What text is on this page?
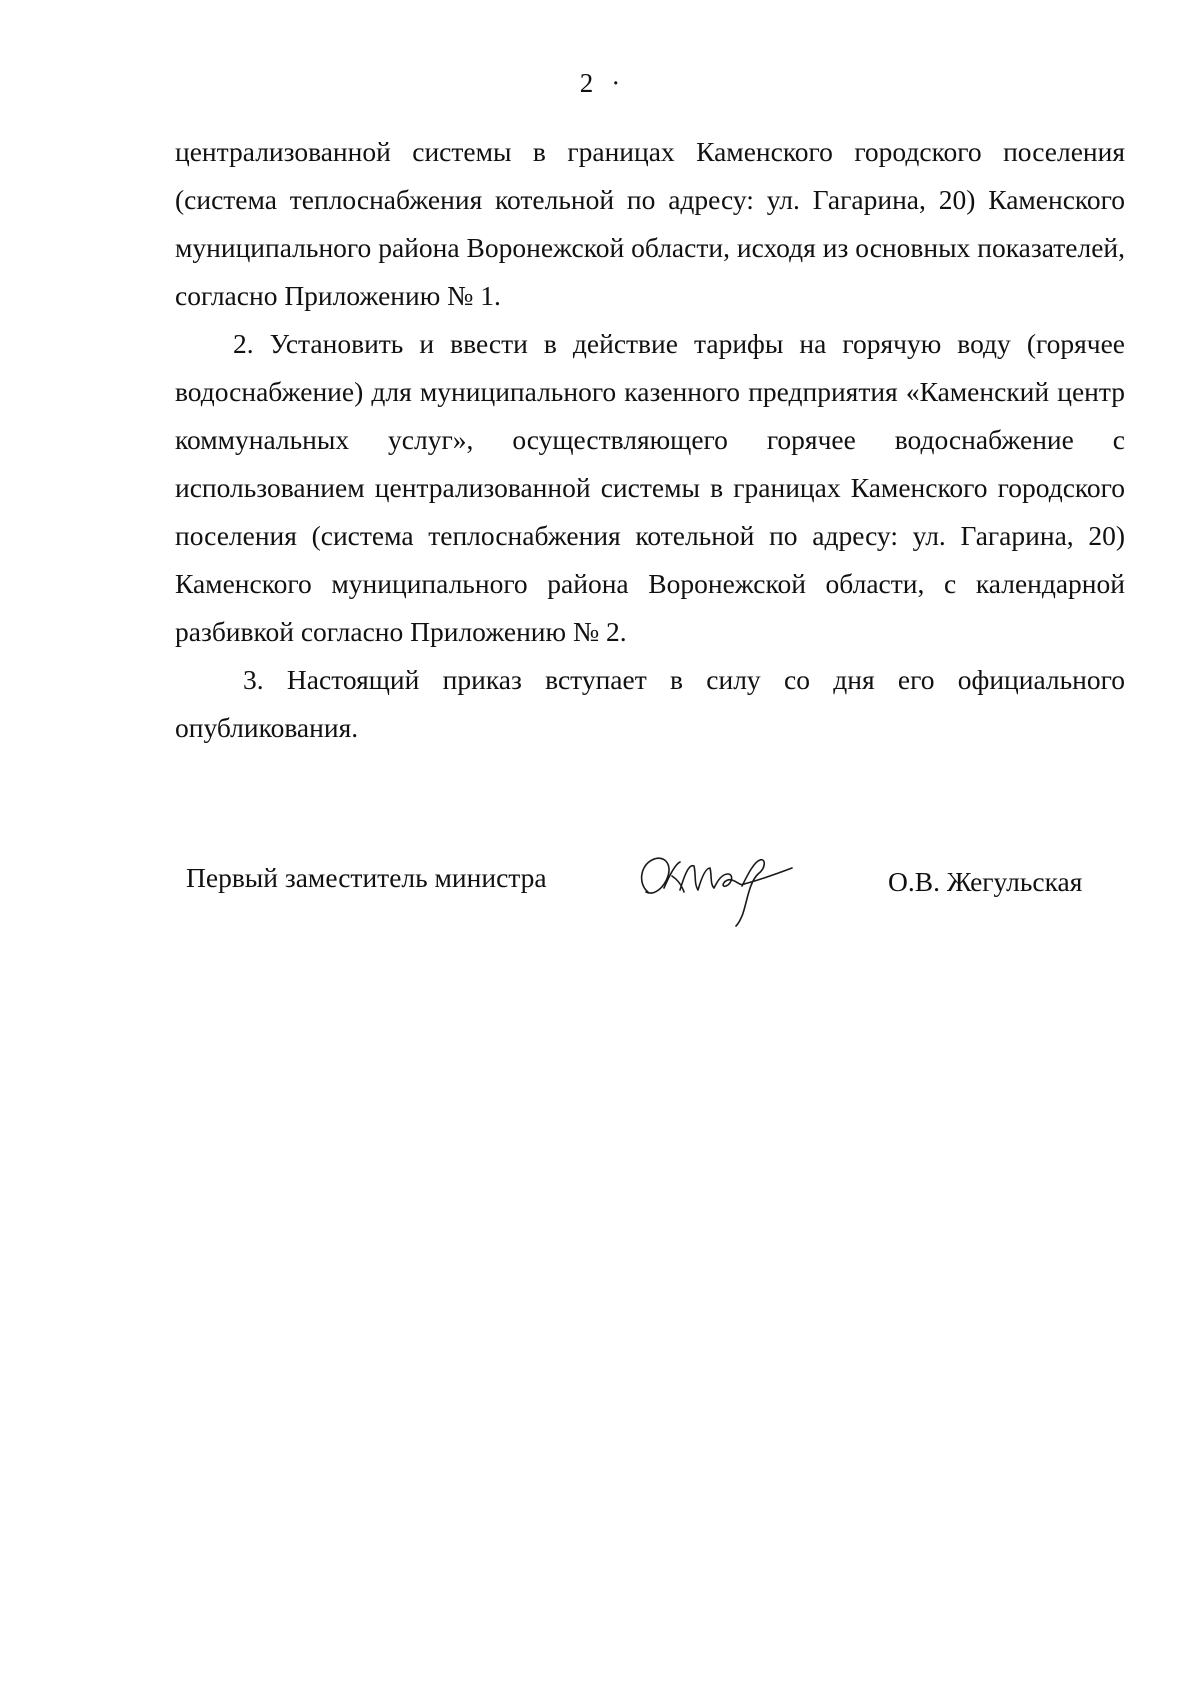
2 ·

централизованной системы в границах Каменского городского поселения (система теплоснабжения котельной по адресу: ул. Гагарина, 20) Каменского муниципального района Воронежской области, исходя из основных показателей, согласно Приложению № 1.

2. Установить и ввести в действие тарифы на горячую воду (горячее водоснабжение) для муниципального казенного предприятия «Каменский центр коммунальных услуг», осуществляющего горячее водоснабжение с использованием централизованной системы в границах Каменского городского поселения (система теплоснабжения котельной по адресу: ул. Гагарина, 20) Каменского муниципального района Воронежской области, с календарной разбивкой согласно Приложению № 2.

3. Настоящий приказ вступает в силу со дня его официального опубликования.

Первый заместитель министра	О.В. Жегульская
